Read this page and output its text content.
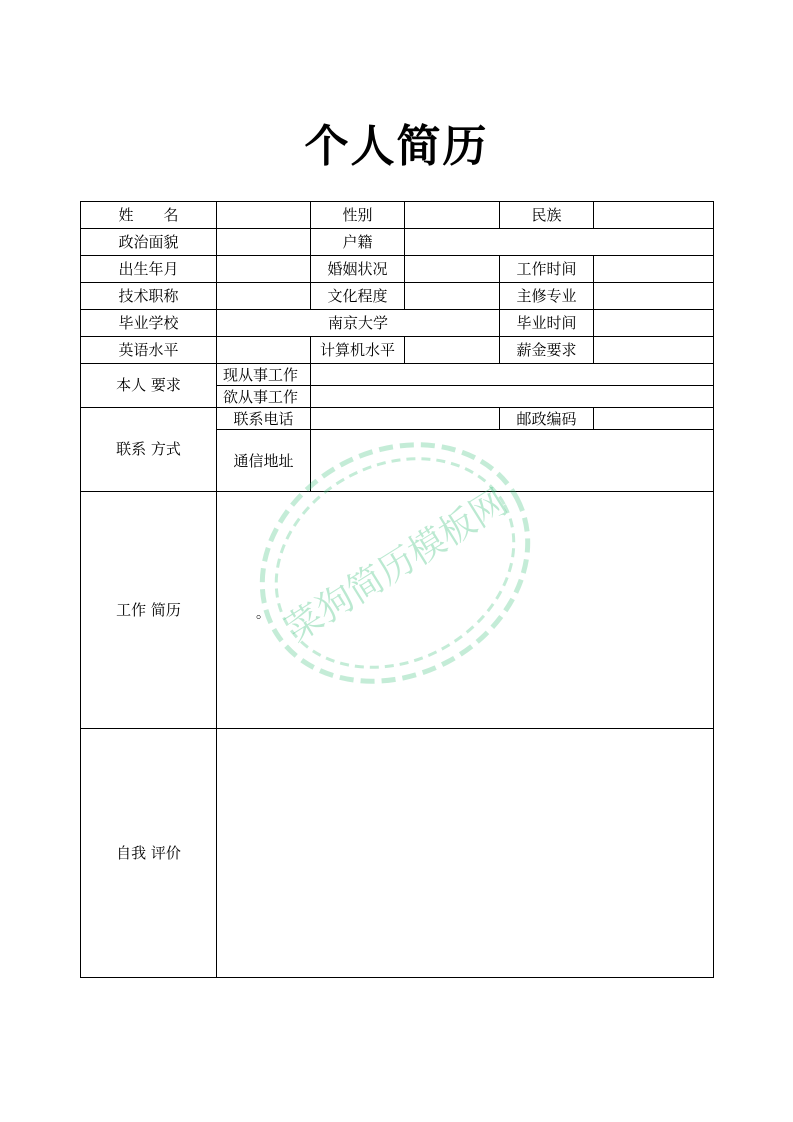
个人简历
姓　　名		性别		民族	
政治面貌		户籍			
出生年月		婚姻状况		工作时间	
技术职称		文化程度		主修专业	
毕业学校	南京大学			毕业时间	
英语水平		计算机水平		薪金要求	
本人 要求	现从事工作				
	欲从事工作				
联系 方式	联系电话			邮政编码	
	通信地址				
工作 简历					
自我 评价					
。 菜狗简历模板网
